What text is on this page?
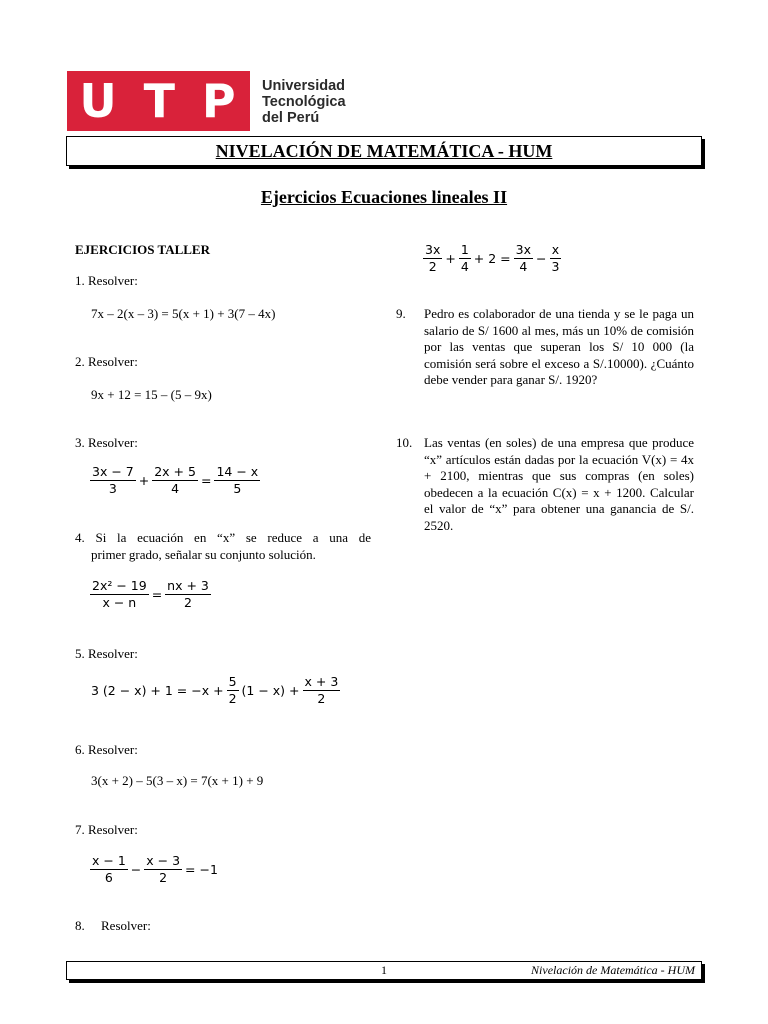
U T P Universidad
Tecnológica
del Perú
NIVELACIÓN DE MATEMÁTICA - HUM
Ejercicios Ecuaciones lineales II
EJERCICIOS TALLER
1. Resolver:
7x – 2(x – 3) = 5(x + 1) + 3(7 – 4x)
2. Resolver:
9x + 12 = 15 – (5 – 9x)
3. Resolver:
$\frac{3x - 7}{3} + \frac{2x + 5}{4} = \frac{14 - x}{5}$
4. Si la ecuación en “x” se reduce a una de
primer grado, señalar su conjunto solución.
$\frac{\text{2x² − 19}}{x - n} = \frac{nx + 3}{2}$
5. Resolver:
3 $(2 - x) + 1 = -x + \frac{5}{2} (1 - x) + \frac{x + 3}{2}$
6. Resolver:
3(x + 2) – 5(3 – x) = 7(x + 1) + 9
7. Resolver:
$\frac{x - 1}{6} - \frac{x - 3}{2} = -1$
8. Resolver:
$\frac{3x}{2} + \frac{1}{4} + 2 = \frac{3x}{4} - \frac{x}{3}$
9. Pedro es colaborador de una tienda y se le paga un salario de S/ 1600 al mes, más un 10% de comisión por las ventas que superan los S/ 10 000 (la comisión será sobre el exceso a S/.10000). ¿Cuánto debe vender para ganar S/. 1920?
10. Las ventas (en soles) de una empresa que produce “x” artículos están dadas por la ecuación V(x) = 4x + 2100, mientras que sus compras (en soles) obedecen a la ecuación C(x) = x + 1200. Calcular el valor de “x” para obtener una ganancia de S/. 2520.
1	Nivelación de Matemática - HUM
